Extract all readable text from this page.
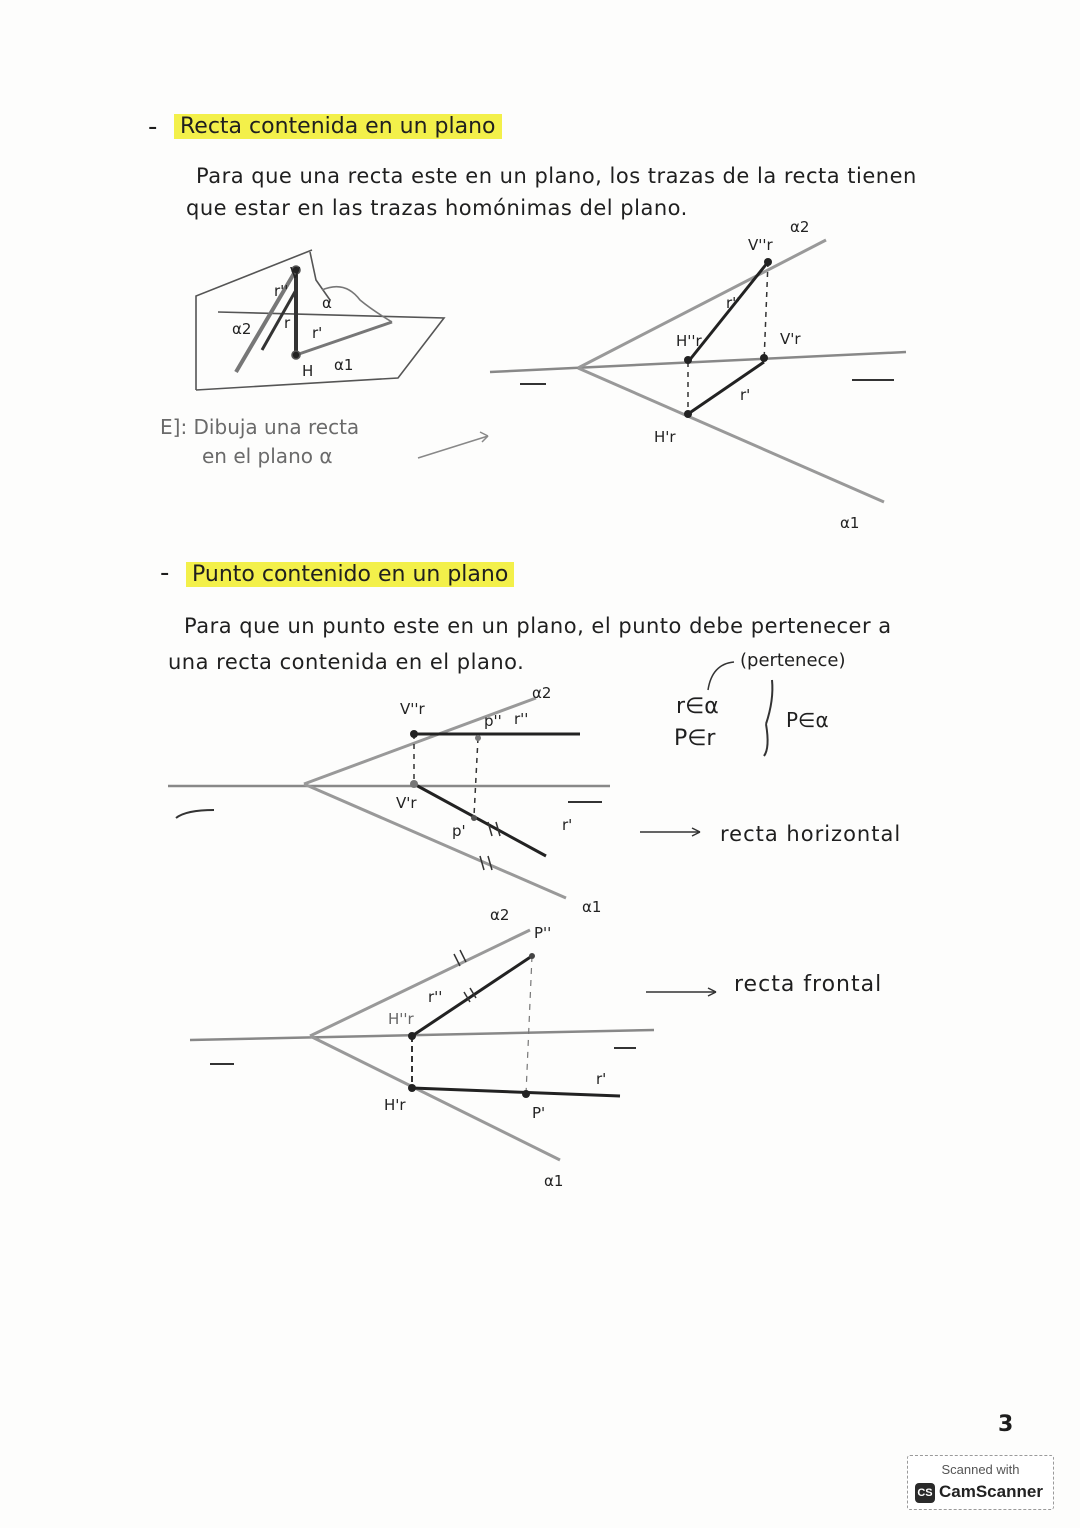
- Recta contenida en un plano
Para que una recta este en un plano, los trazas de la recta tienen
que estar en las trazas homónimas del plano.
E]: Dibuja una recta
en el plano α
- Punto contenido en un plano
Para que un punto este en un plano, el punto debe pertenecer a
una recta contenida en el plano.	(pertenece)
r∈α
P∈r
P∈α
recta horizontal
recta frontal
V
r''
r
r'
α
α2
H α1
α2
V''r
r''
H''r	V'r
r'
H'r
α1
V''r
p'' r''
α2
V'r
p'	r'
α1
α2
P''
H''r
r''
r'
H'r	P'
α1
3
Scanned with
CS CamScanner
